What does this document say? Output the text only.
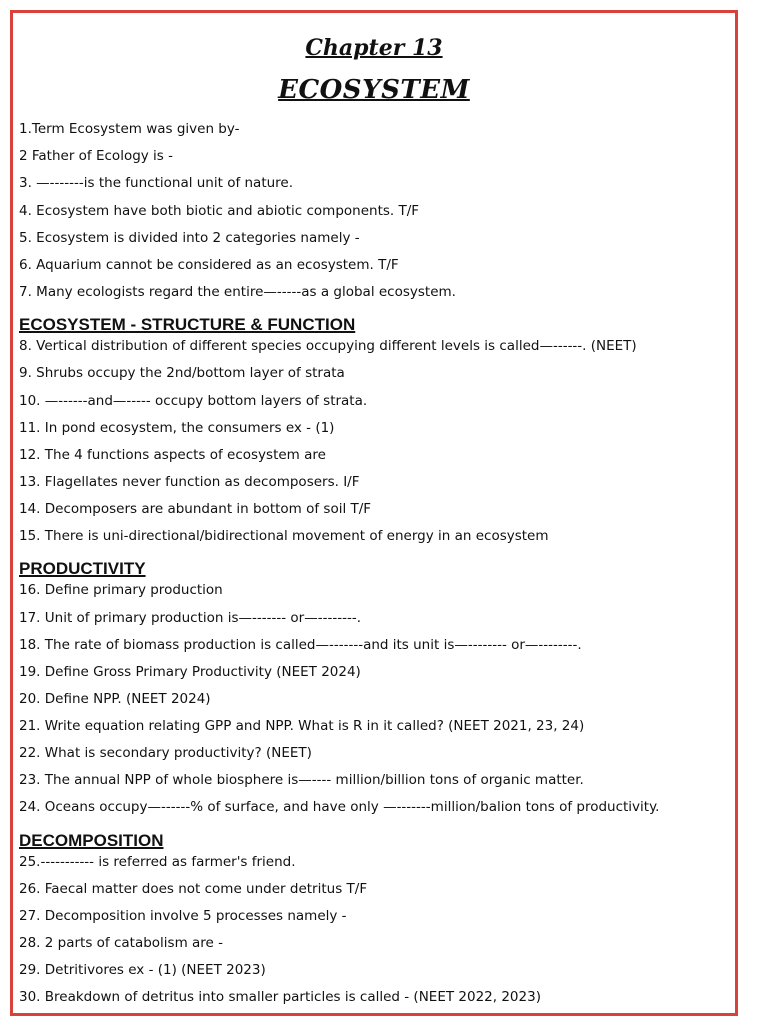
Chapter 13
ECOSYSTEM
1.Term Ecosystem was given by-
2 Father of Ecology is -
3. —-------is the functional unit of nature.
4. Ecosystem have both biotic and abiotic components. T/F
5. Ecosystem is divided into 2 categories namely -
6. Aquarium cannot be considered as an ecosystem. T/F
7. Many ecologists regard the entire—-----as a global ecosystem.
ECOSYSTEM - STRUCTURE & FUNCTION
8. Vertical distribution of different species occupying different levels is called—------. (NEET)
9. Shrubs occupy the 2nd/bottom layer of strata
10. —------and—----- occupy bottom layers of strata.
11. In pond ecosystem, the consumers ex - (1)
12. The 4 functions aspects of ecosystem are
13. Flagellates never function as decomposers. I/F
14. Decomposers are abundant in bottom of soil T/F
15. There is uni-directional/bidirectional movement of energy in an ecosystem
PRODUCTIVITY
16. Define primary production
17. Unit of primary production is—------- or—--------.
18. The rate of biomass production is called—-------and its unit is—-------- or—--------.
19. Define Gross Primary Productivity (NEET 2024)
20. Define NPP. (NEET 2024)
21. Write equation relating GPP and NPP. What is R in it called? (NEET 2021, 23, 24)
22. What is secondary productivity? (NEET)
23. The annual NPP of whole biosphere is—---- million/billion tons of organic matter.
24. Oceans occupy—------% of surface, and have only —-------million/balion tons of productivity.
DECOMPOSITION
25.----------- is referred as farmer's friend.
26. Faecal matter does not come under detritus T/F
27. Decomposition involve 5 processes namely -
28. 2 parts of catabolism are -
29. Detritivores ex - (1) (NEET 2023)
30. Breakdown of detritus into smaller particles is called - (NEET 2022, 2023)
